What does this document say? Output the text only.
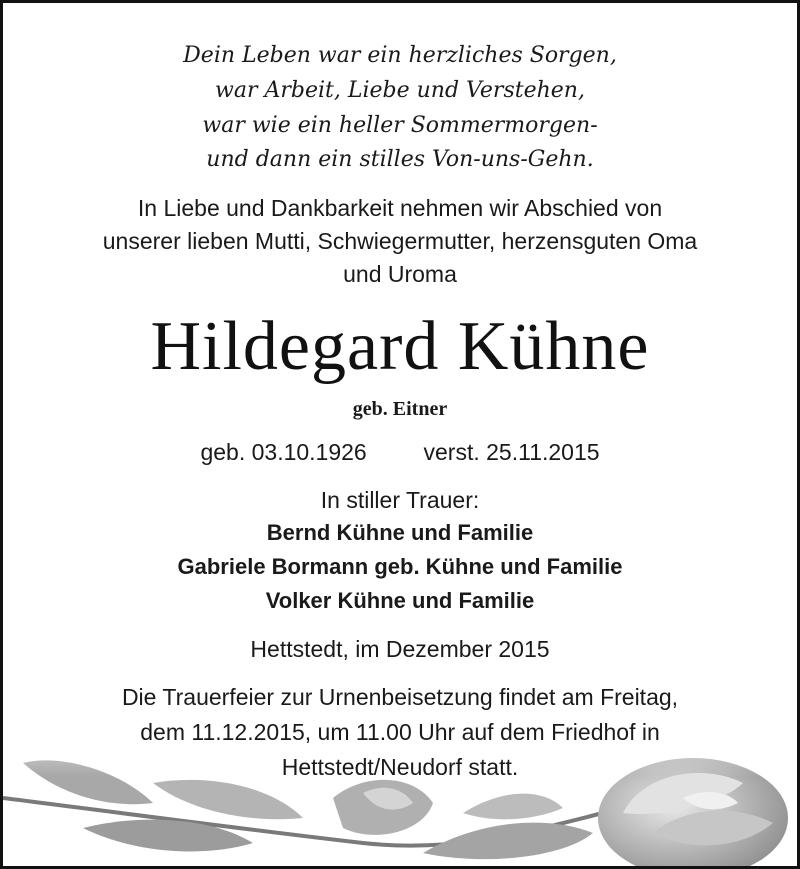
Dein Leben war ein herzliches Sorgen,
war Arbeit, Liebe und Verstehen,
war wie ein heller Sommermorgen-
und dann ein stilles Von-uns-Gehn.
In Liebe und Dankbarkeit nehmen wir Abschied von
unserer lieben Mutti, Schwiegermutter, herzensguten Oma
und Uroma
Hildegard Kühne
geb. Eitner
geb. 03.10.1926 verst. 25.11.2015
In stiller Trauer:
Bernd Kühne und Familie
Gabriele Bormann geb. Kühne und Familie
Volker Kühne und Familie
Hettstedt, im Dezember 2015
Die Trauerfeier zur Urnenbeisetzung findet am Freitag,
dem 11.12.2015, um 11.00 Uhr auf dem Friedhof in
Hettstedt/Neudorf statt.
